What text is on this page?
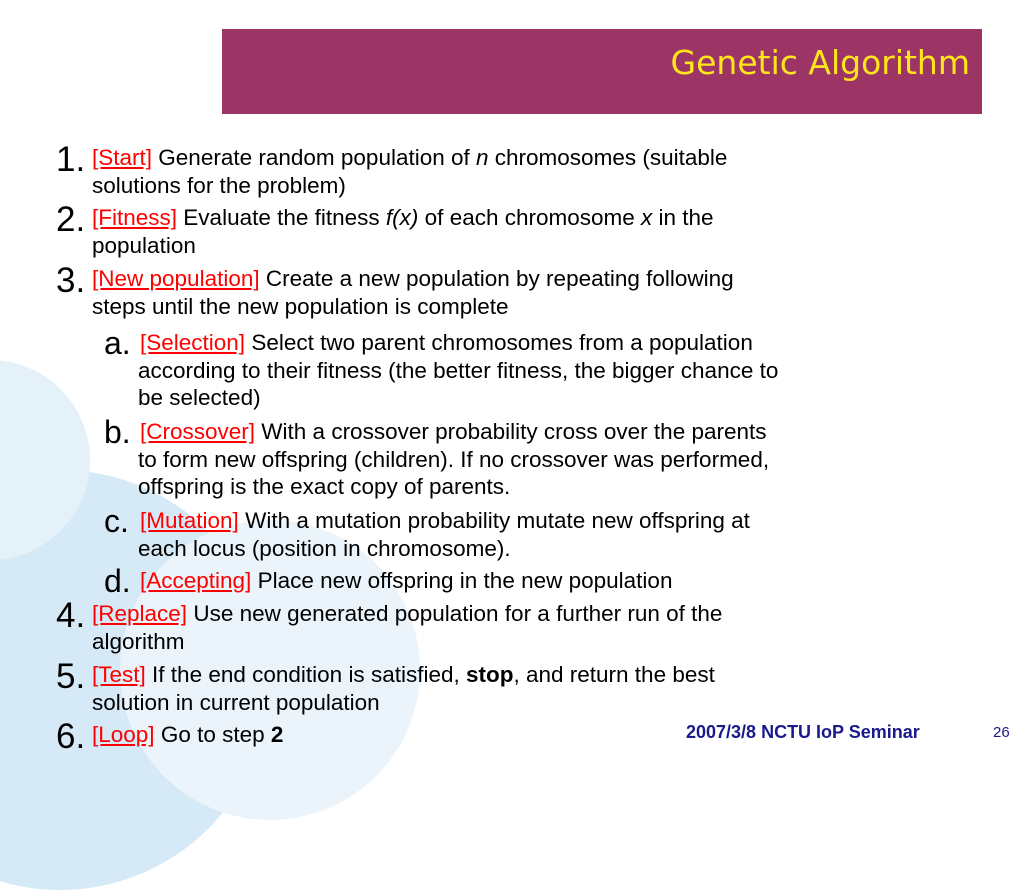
Genetic Algorithm
1. [Start] Generate random population of n chromosomes (suitable
solutions for the problem)
2. [Fitness] Evaluate the fitness f(x) of each chromosome x in the
population
3. [New population] Create a new population by repeating following
steps until the new population is complete
a. [Selection] Select two parent chromosomes from a population
according to their fitness (the better fitness, the bigger chance to
be selected)
b. [Crossover] With a crossover probability cross over the parents
to form new offspring (children). If no crossover was performed,
offspring is the exact copy of parents.
c. [Mutation] With a mutation probability mutate new offspring at
each locus (position in chromosome).
d. [Accepting] Place new offspring in the new population
4. [Replace] Use new generated population for a further run of the
algorithm
5. [Test] If the end condition is satisfied, stop, and return the best
solution in current population
6. [Loop] Go to step 2	2007/3/8 NCTU IoP Seminar	26
